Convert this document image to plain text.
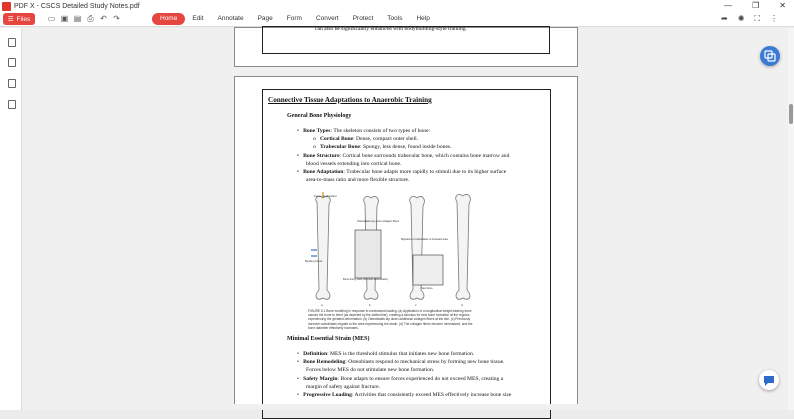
PDF X - CSCS Detailed Study Notes.pdf	—	❐	✕
☰ Files ▭ ▣ ▤ ⎙ ↶ ↷	Home	Edit	Annotate	Page	Form	Convert	Protect	Tools	Help	➦ ✺ ⛶ ⋮
can also be significantly enhanced with bodybuilding-style training.
Connective Tissue Adaptations to Anaerobic Training
General Bone Physiology
•   Bone Types: The skeleton consists of two types of bone:
o   Cortical Bone: Dense, compact outer shell.
o   Trabecular Bone: Spongy, less dense, found inside bones.
•   Bone Structure: Cortical bone surrounds trabecular bone, which contains bone marrow and
blood vessels extending into cortical bone.
•   Bone Adaptation: Trabecular bone adapts more rapidly to stimuli due to its higher surface
area-to-mass ratio and more flexible structure.
Force application
Osteoblasts lay down collagen fibers
Migration of osteoblasts to stressed area
Bone-lining cells (dormant osteoblasts)
Bending forces
New bone
a	b	c	d
FIGURE 5.1 Bone modeling in response to mechanical loading. (a) Application of a longitudinal weight-bearing force causes the bone to bend (as depicted by the dotted line), creating a stimulus for new bone formation at the regions experiencing the greatest deformation. (b) Osteoblasts lay down additional collagen fibers at the site. (c) Previously dormant osteoblasts migrate to the area experiencing the strain. (d) The collagen fibers become mineralized, and the bone diameter effectively increases.
Minimal Essential Strain (MES)
•   Definition: MES is the threshold stimulus that initiates new bone formation.
•   Bone Remodeling: Osteoblasts respond to mechanical stress by forming new bone tissue.
Forces below MES do not stimulate new bone formation.
•   Safety Margin: Bone adapts to ensure forces experienced do not exceed MES, creating a
margin of safety against fracture.
•   Progressive Loading: Activities that consistently exceed MES effectively increase bone size
